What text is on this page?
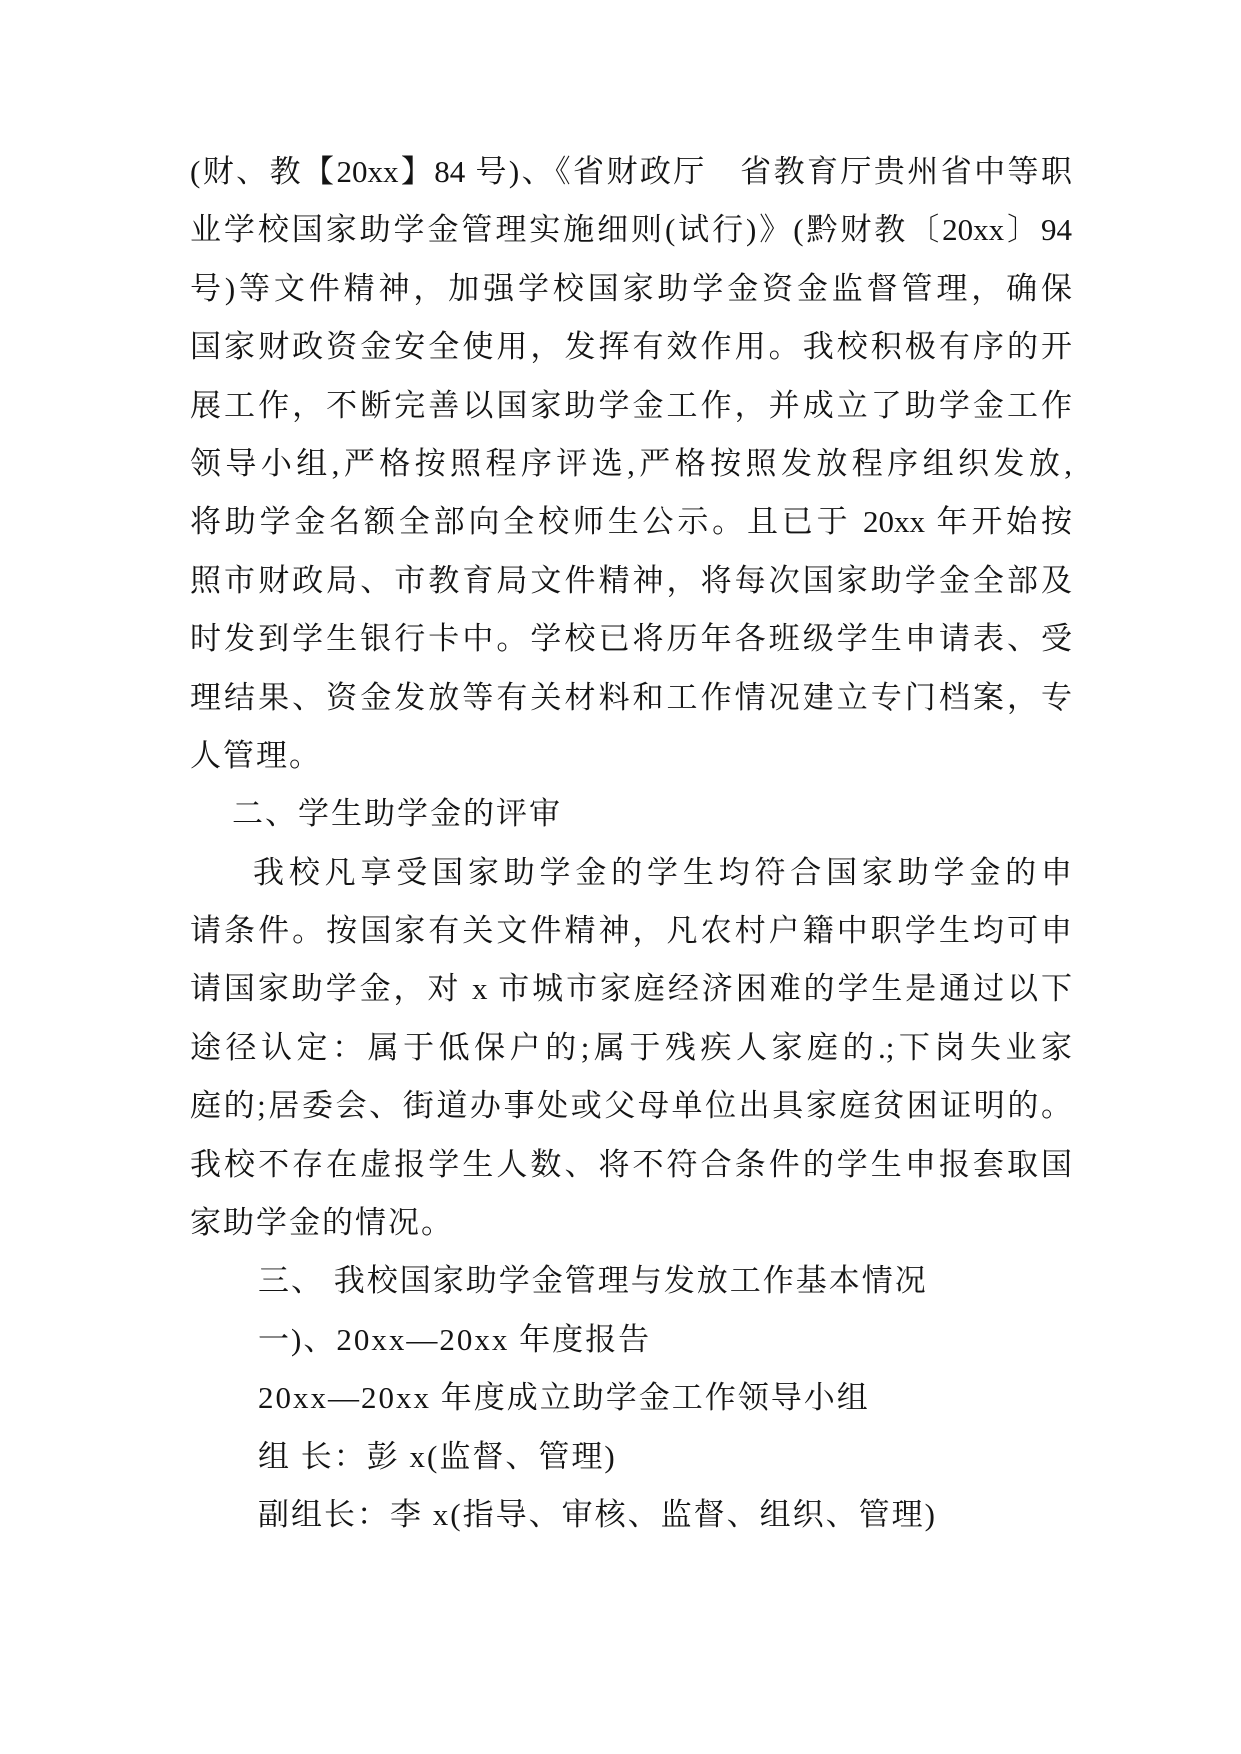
(财、教【20xx】84 号)、《省财政厅　省教育厅贵州省中等职
业学校国家助学金管理实施细则(试行)》(黔财教〔20xx〕94
号)等文件精神，加强学校国家助学金资金监督管理，确保
国家财政资金安全使用，发挥有效作用。我校积极有序的开
展工作，不断完善以国家助学金工作，并成立了助学金工作
领导小组,严格按照程序评选,严格按照发放程序组织发放,
将助学金名额全部向全校师生公示。且已于 20xx 年开始按
照市财政局、市教育局文件精神，将每次国家助学金全部及
时发到学生银行卡中。学校已将历年各班级学生申请表、受
理结果、资金发放等有关材料和工作情况建立专门档案，专
人管理。
二、学生助学金的评审
我校凡享受国家助学金的学生均符合国家助学金的申
请条件。按国家有关文件精神，凡农村户籍中职学生均可申
请国家助学金，对 x 市城市家庭经济困难的学生是通过以下
途径认定：属于低保户的;属于残疾人家庭的.;下岗失业家
庭的;居委会、街道办事处或父母单位出具家庭贫困证明的。
我校不存在虚报学生人数、将不符合条件的学生申报套取国
家助学金的情况。
三、 我校国家助学金管理与发放工作基本情况
一)、20xx—20xx 年度报告
20xx—20xx 年度成立助学金工作领导小组
组 长：彭 x(监督、管理)
副组长：李 x(指导、审核、监督、组织、管理)
